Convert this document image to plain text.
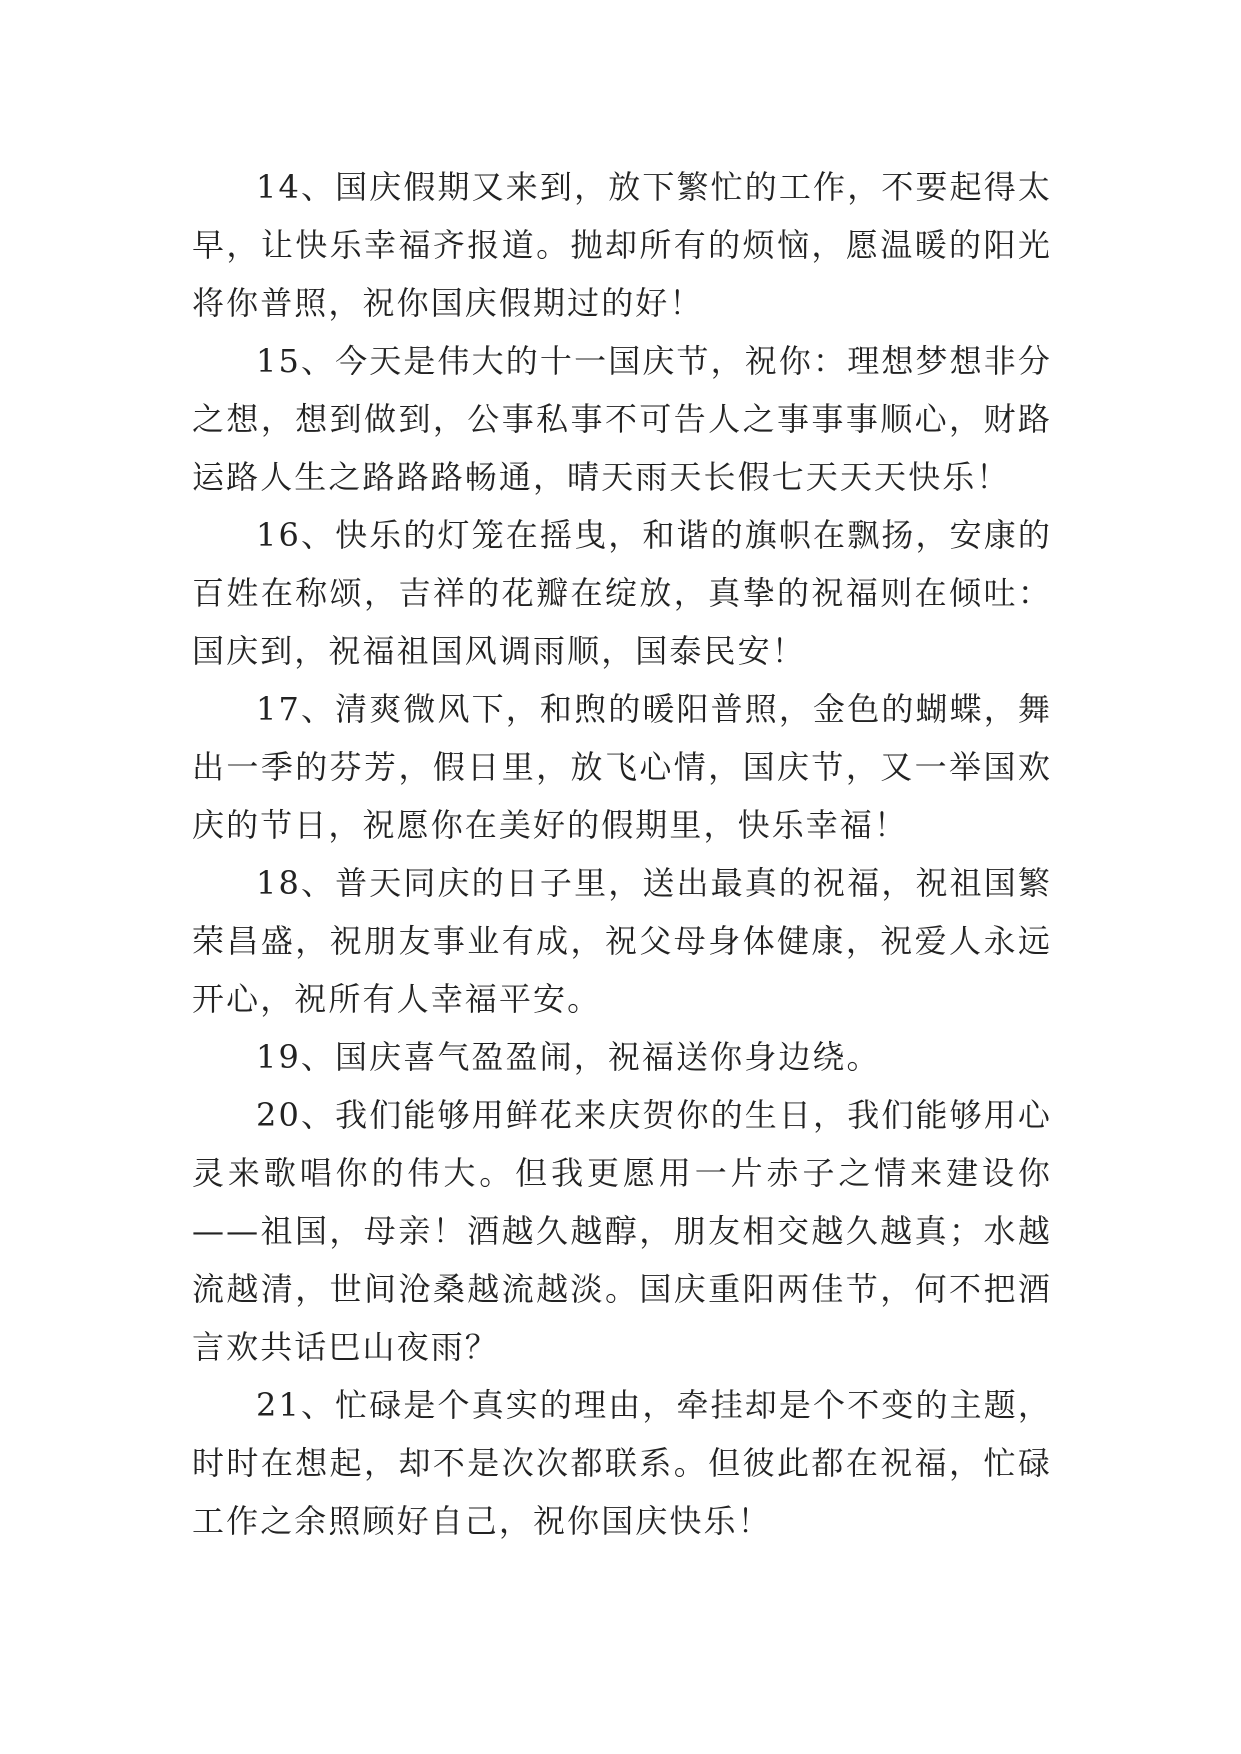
14、国庆假期又来到，放下繁忙的工作，不要起得太早，让快乐幸福齐报道。抛却所有的烦恼，愿温暖的阳光将你普照，祝你国庆假期过的好！

15、今天是伟大的十一国庆节，祝你：理想梦想非分之想，想到做到，公事私事不可告人之事事事顺心，财路运路人生之路路路畅通，晴天雨天长假七天天天快乐！

16、快乐的灯笼在摇曳，和谐的旗帜在飘扬，安康的百姓在称颂，吉祥的花瓣在绽放，真挚的祝福则在倾吐：国庆到，祝福祖国风调雨顺，国泰民安！

17、清爽微风下，和煦的暖阳普照，金色的蝴蝶，舞出一季的芬芳，假日里，放飞心情，国庆节，又一举国欢庆的节日，祝愿你在美好的假期里，快乐幸福！

18、普天同庆的日子里，送出最真的祝福，祝祖国繁荣昌盛，祝朋友事业有成，祝父母身体健康，祝爱人永远开心，祝所有人幸福平安。

19、国庆喜气盈盈闹，祝福送你身边绕。

20、我们能够用鲜花来庆贺你的生日，我们能够用心灵来歌唱你的伟大。但我更愿用一片赤子之情来建设你——祖国，母亲！酒越久越醇，朋友相交越久越真；水越流越清，世间沧桑越流越淡。国庆重阳两佳节，何不把酒言欢共话巴山夜雨？

21、忙碌是个真实的理由，牵挂却是个不变的主题，时时在想起，却不是次次都联系。但彼此都在祝福，忙碌工作之余照顾好自己，祝你国庆快乐！
